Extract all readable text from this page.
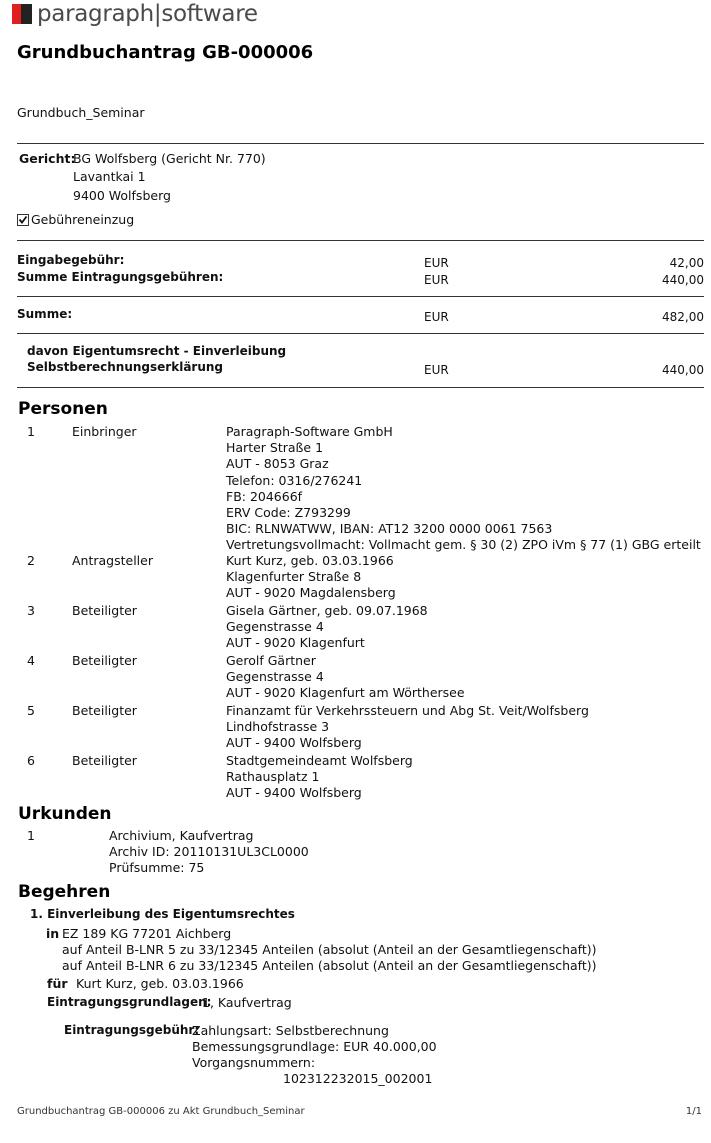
paragraph|software
Grundbuchantrag GB-000006
Grundbuch_Seminar
Gericht:
BG Wolfsberg (Gericht Nr. 770)
Lavantkai 1
9400 Wolfsberg
Gebühreneinzug
Eingabegebühr:	EUR	42,00
Summe Eintragungsgebühren:	EUR	440,00
Summe:	EUR	482,00
davon Eigentumsrecht - Einverleibung
Selbstberechnungserklärung	EUR	440,00
Personen
1	Einbringer	Paragraph-Software GmbH
Harter Straße 1
AUT - 8053 Graz
Telefon: 0316/276241
FB: 204666f
ERV Code: Z793299
BIC: RLNWATWW, IBAN: AT12 3200 0000 0061 7563
Vertretungsvollmacht: Vollmacht gem. § 30 (2) ZPO iVm § 77 (1) GBG erteilt
2	Antragsteller	Kurt Kurz, geb. 03.03.1966
Klagenfurter Straße 8
AUT - 9020 Magdalensberg
3	Beteiligter	Gisela Gärtner, geb. 09.07.1968
Gegenstrasse 4
AUT - 9020 Klagenfurt
4	Beteiligter	Gerolf Gärtner
Gegenstrasse 4
AUT - 9020 Klagenfurt am Wörthersee
5	Beteiligter	Finanzamt für Verkehrssteuern und Abg St. Veit/Wolfsberg
Lindhofstrasse 3
AUT - 9400 Wolfsberg
6	Beteiligter	Stadtgemeindeamt Wolfsberg
Rathausplatz 1
AUT - 9400 Wolfsberg
Urkunden
1	Archivium, Kaufvertrag
Archiv ID: 20110131UL3CL0000
Prüfsumme: 75
Begehren
1. Einverleibung des Eigentumsrechtes
in EZ 189 KG 77201 Aichberg
auf Anteil B-LNR 5 zu 33/12345 Anteilen (absolut (Anteil an der Gesamtliegenschaft))
auf Anteil B-LNR 6 zu 33/12345 Anteilen (absolut (Anteil an der Gesamtliegenschaft))
für Kurt Kurz, geb. 03.03.1966
Eintragungsgrundlagen:
1, Kaufvertrag
Eintragungsgebühr:
Zahlungsart: Selbstberechnung
Bemessungsgrundlage: EUR 40.000,00
Vorgangsnummern:
102312232015_002001
Grundbuchantrag GB-000006 zu Akt Grundbuch_Seminar	1/1
